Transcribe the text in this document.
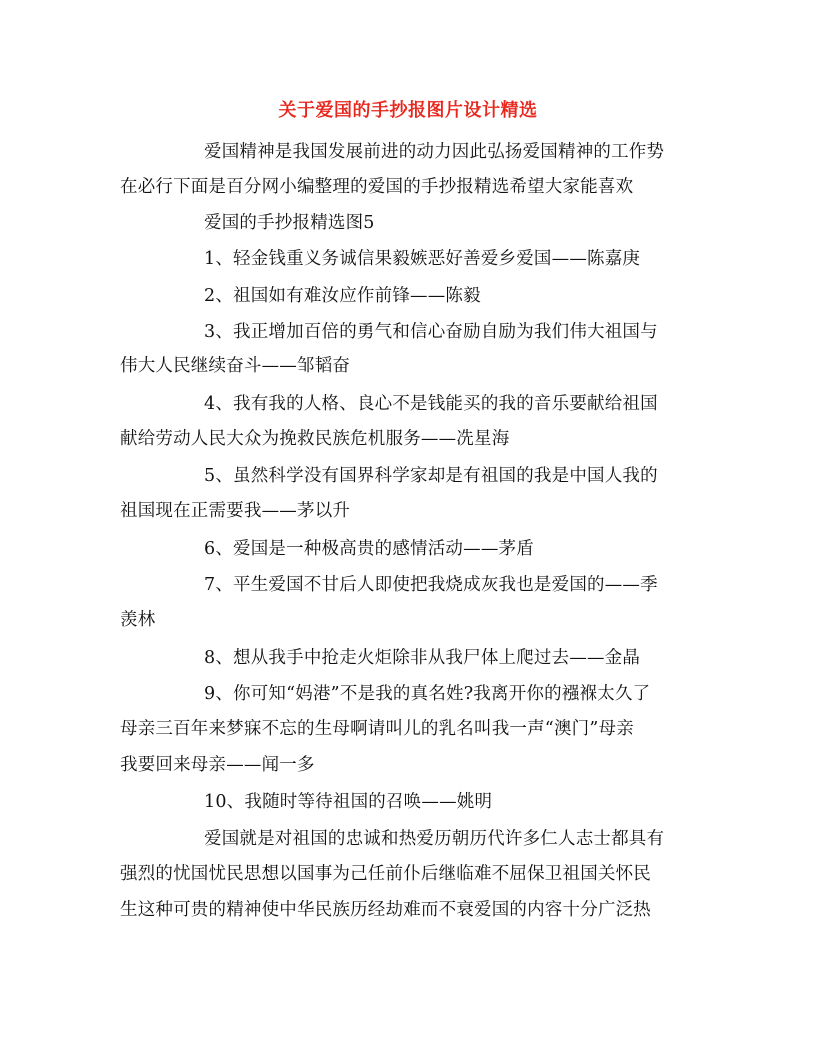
关于爱国的手抄报图片设计精选
爱国精神是我国发展前进的动力因此弘扬爱国精神的工作势
在必行下面是百分网小编整理的爱国的手抄报精选希望大家能喜欢
爱国的手抄报精选图5
1、轻金钱重义务诚信果毅嫉恶好善爱乡爱国——陈嘉庚
2、祖国如有难汝应作前锋——陈毅
3、我正增加百倍的勇气和信心奋励自励为我们伟大祖国与
伟大人民继续奋斗——邹韬奋
4、我有我的人格、良心不是钱能买的我的音乐要献给祖国
献给劳动人民大众为挽救民族危机服务——冼星海
5、虽然科学没有国界科学家却是有祖国的我是中国人我的
祖国现在正需要我——茅以升
6、爱国是一种极高贵的感情活动——茅盾
7、平生爱国不甘后人即使把我烧成灰我也是爱国的——季
羡林
8、想从我手中抢走火炬除非从我尸体上爬过去——金晶
9、你可知“妈港”不是我的真名姓?我离开你的襁褓太久了
母亲三百年来梦寐不忘的生母啊请叫儿的乳名叫我一声“澳门”母亲
我要回来母亲——闻一多
10、我随时等待祖国的召唤——姚明
爱国就是对祖国的忠诚和热爱历朝历代许多仁人志士都具有
强烈的忧国忧民思想以国事为己任前仆后继临难不屈保卫祖国关怀民
生这种可贵的精神使中华民族历经劫难而不衰爱国的内容十分广泛热
